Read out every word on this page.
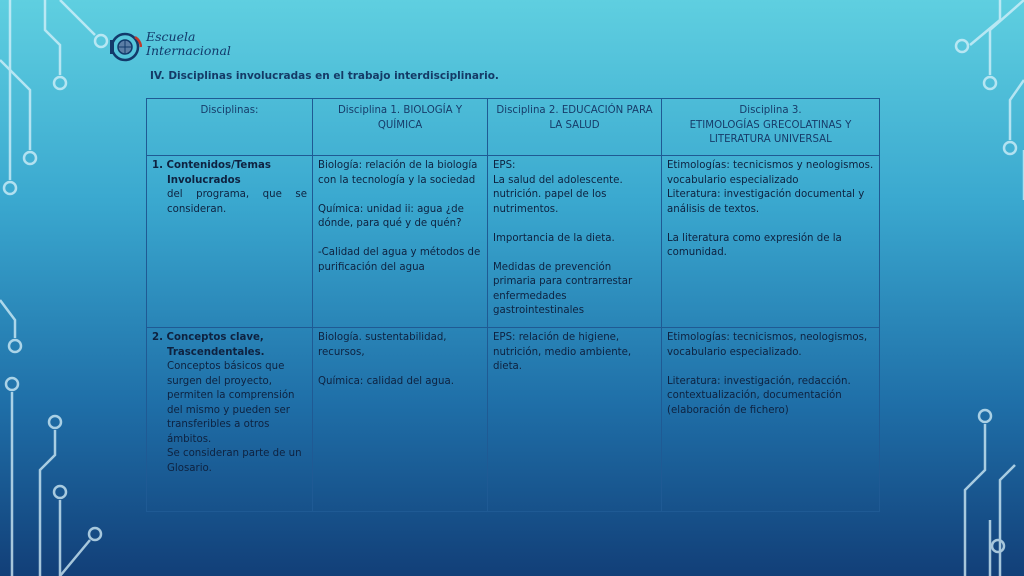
Escuela
Internacional
IV. Disciplinas involucradas en el trabajo interdisciplinario.
Disciplinas:	Disciplina 1. BIOLOGÍA Y QUÍMICA	Disciplina 2. EDUCACIÓN PARA LA SALUD	Disciplina 3.
ETIMOLOGÍAS GRECOLATINAS Y LITERATURA UNIVERSAL

1. Contenidos/Temas
Involucrados
del programa, que se consideran.	Biología: relación de la biología con la tecnología y la sociedad
Química: unidad ii: agua ¿de dónde, para qué y de quén?
-Calidad del agua y métodos de purificación del agua	EPS:
La salud del adolescente. nutrición. papel de los nutrimentos.
Importancia de la dieta.
Medidas de prevención primaria para contrarrestar enfermedades gastrointestinales	Etimologías: tecnicismos y neologismos. vocabulario especializado
Literatura: investigación documental y análisis de textos.
La literatura como expresión de la comunidad.

2. Conceptos clave,
Trascendentales.
Conceptos básicos que surgen del proyecto, permiten la comprensión del mismo y pueden ser transferibles a otros ámbitos.
Se consideran parte de un Glosario.	Biología. sustentabilidad, recursos,
Química: calidad del agua.	EPS: relación de higiene, nutrición, medio ambiente, dieta.	Etimologías: tecnicismos, neologismos, vocabulario especializado.
Literatura: investigación, redacción. contextualización, documentación (elaboración de fichero)
